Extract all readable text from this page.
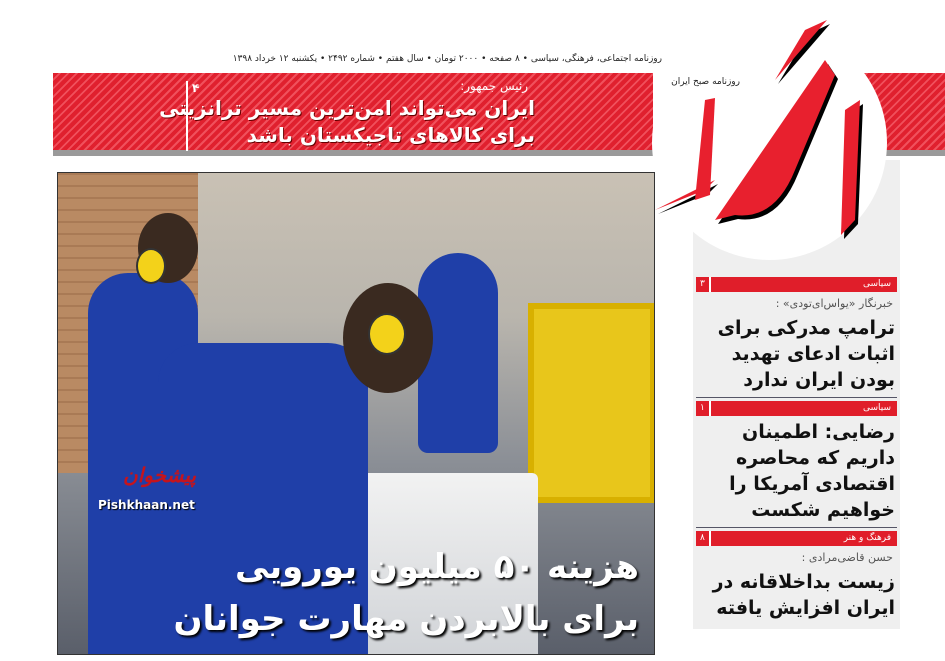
روزنامه اجتماعی، فرهنگی، سیاسی • ۸ صفحه • ۲۰۰۰ تومان • سال هفتم • شماره ۲۴۹۲ • یکشنبه ۱۲ خرداد ۱۳۹۸
رئیس جمهور:
ایران می‌تواند امن‌ترین مسیر ترانزیتی
برای کالاهای تاجیکستان باشد
۴	روزنامه صبح ایران
پیشخوان
Pishkhaan.net
هزینه ۵۰ میلیون یورویی
برای بالابردن مهارت جوانان
سیاسی
۳
خبرنگار «یواس‌ای‌تودی» :
ترامپ مدرکی برای اثبات ادعای تهدید بودن ایران ندارد
سیاسی
۱
رضایی: اطمینان داریم که محاصره اقتصادی آمریکا را خواهیم شکست
فرهنگ و هنر
۸
حسن قاضی‌مرادی :
زیست بداخلاقانه در ایران افزایش یافته
